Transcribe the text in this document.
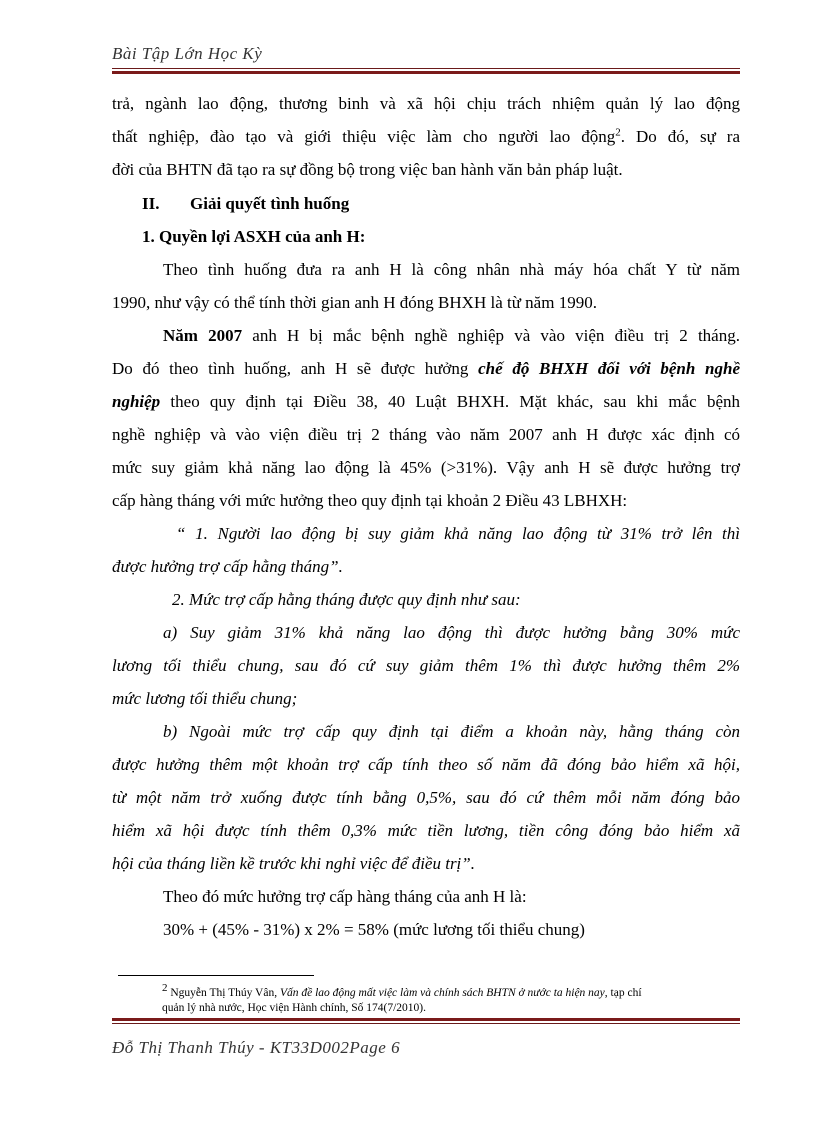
Bài Tập Lớn Học Kỳ
trả, ngành lao động, thương binh và xã hội chịu trách nhiệm quản lý lao động
thất nghiệp, đào tạo và giới thiệu việc làm cho người lao động$^2$. Do đó, sự ra
đời của BHTN đã tạo ra sự đồng bộ trong việc ban hành văn bản pháp luật.
II.	Giải quyết tình huống
1. Quyền lợi ASXH của anh H:
Theo tình huống đưa ra anh H là công nhân nhà máy hóa chất Y từ năm
1990, như vậy có thể tính thời gian anh H đóng BHXH là từ năm 1990.
Năm 2007 anh H bị mắc bệnh nghề nghiệp và vào viện điều trị 2 tháng.
Do đó theo tình huống, anh H sẽ được hưởng chế độ BHXH đối với bệnh nghề
nghiệp theo quy định tại Điều 38, 40 Luật BHXH. Mặt khác, sau khi mắc bệnh
nghề nghiệp và vào viện điều trị 2 tháng vào năm 2007 anh H được xác định có
mức suy giảm khả năng lao động là 45% (>31%). Vậy anh H sẽ được hưởng trợ
cấp hàng tháng với mức hưởng theo quy định tại khoản 2 Điều 43 LBHXH:
“ 1. Người lao động bị suy giảm khả năng lao động từ 31% trở lên thì
được hưởng trợ cấp hằng tháng”.
2. Mức trợ cấp hằng tháng được quy định như sau:
a) Suy giảm 31% khả năng lao động thì được hưởng bằng 30% mức
lương tối thiểu chung, sau đó cứ suy giảm thêm 1% thì được hưởng thêm 2%
mức lương tối thiểu chung;
b) Ngoài mức trợ cấp quy định tại điểm a khoản này, hằng tháng còn
được hưởng thêm một khoản trợ cấp tính theo số năm đã đóng bảo hiểm xã hội,
từ một năm trở xuống được tính bằng 0,5%, sau đó cứ thêm mỗi năm đóng bảo
hiểm xã hội được tính thêm 0,3% mức tiền lương, tiền công đóng bảo hiểm xã
hội của tháng liền kề trước khi nghỉ việc để điều trị”.
Theo đó mức hưởng trợ cấp hàng tháng của anh H là:
30% + (45% - 31%) x 2% = 58% (mức lương tối thiểu chung)
$^2$ Nguyễn Thị Thúy Vân, Vấn đề lao động mất việc làm và chính sách BHTN ở nước ta hiện nay, tạp chí
quản lý nhà nước, Học viện Hành chính, Số 174(7/2010).
Đỗ Thị Thanh Thúy - KT33D002Page 6
